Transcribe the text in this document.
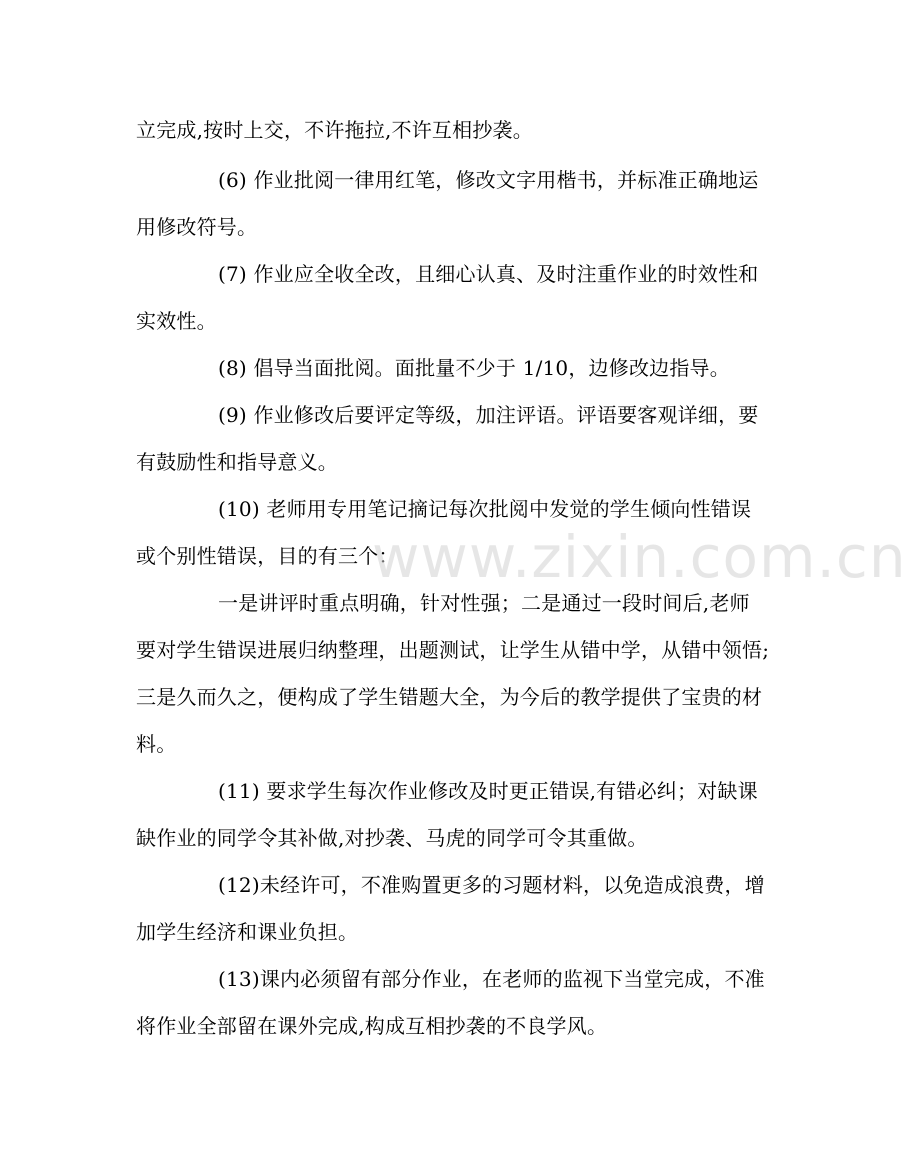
立完成,按时上交，不许拖拉,不许互相抄袭。
(6) 作业批阅一律用红笔，修改文字用楷书，并标准正确地运
用修改符号。
(7) 作业应全收全改，且细心认真、及时注重作业的时效性和
实效性。
(8) 倡导当面批阅。面批量不少于 1/10，边修改边指导。
(9) 作业修改后要评定等级，加注评语。评语要客观详细，要
有鼓励性和指导意义。
(10) 老师用专用笔记摘记每次批阅中发觉的学生倾向性错误
或个别性错误，目的有三个：
一是讲评时重点明确，针对性强；二是通过一段时间后,老师
要对学生错误进展归纳整理，出题测试，让学生从错中学，从错中领悟;
三是久而久之，便构成了学生错题大全，为今后的教学提供了宝贵的材
料。
(11) 要求学生每次作业修改及时更正错误,有错必纠；对缺课
缺作业的同学令其补做,对抄袭、马虎的同学可令其重做。
(12)未经许可，不准购置更多的习题材料，以免造成浪费，增
加学生经济和课业负担。
(13)课内必须留有部分作业，在老师的监视下当堂完成，不准
将作业全部留在课外完成,构成互相抄袭的不良学风。
www.zixin.com.cn
